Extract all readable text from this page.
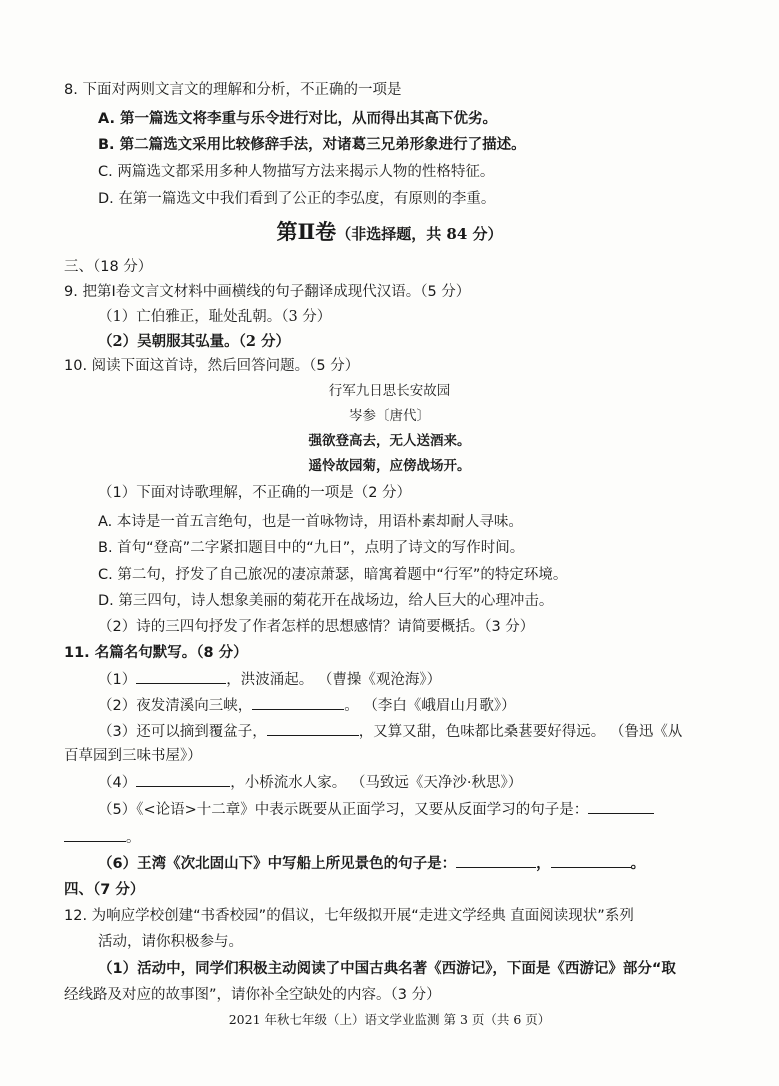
8. 下面对两则文言文的理解和分析，不正确的一项是
A. 第一篇选文将李重与乐令进行对比，从而得出其高下优劣。
B. 第二篇选文采用比较修辞手法，对诸葛三兄弟形象进行了描述。
C. 两篇选文都采用多种人物描写方法来揭示人物的性格特征。
D. 在第一篇选文中我们看到了公正的李弘度，有原则的李重。
第Ⅱ卷（非选择题，共 84 分）
三、（18 分）
9. 把第Ⅰ卷文言文材料中画横线的句子翻译成现代汉语。（5 分）
（1）亡伯雅正，耻处乱朝。（3 分）
（2）吴朝服其弘量。（2 分）
10. 阅读下面这首诗，然后回答问题。（5 分）
行军九日思长安故园
岑参〔唐代〕
强欲登高去，无人送酒来。
遥怜故园菊，应傍战场开。
（1）下面对诗歌理解，不正确的一项是（2 分）
A. 本诗是一首五言绝句，也是一首咏物诗，用语朴素却耐人寻味。
B. 首句“登高”二字紧扣题目中的“九日”，点明了诗文的写作时间。
C. 第二句，抒发了自己旅况的凄凉萧瑟，暗寓着题中“行军”的特定环境。
D. 第三四句，诗人想象美丽的菊花开在战场边，给人巨大的心理冲击。
（2）诗的三四句抒发了作者怎样的思想感情？请简要概括。（3 分）
11. 名篇名句默写。（8 分）
（1）	，洪波涌起。 （曹操《观沧海》）
（2）夜发清溪向三峡，	。 （李白《峨眉山月歌》）
（3）还可以摘到覆盆子，	，又算又甜，色味都比桑葚要好得远。 （鲁迅《从
百草园到三味书屋》）
（4）	，小桥流水人家。 （马致远《天净沙·秋思》）
（5）《<论语>十二章》中表示既要从正面学习，又要从反面学习的句子是：
。
（6）王湾《次北固山下》中写船上所见景色的句子是：	，	。
四、（7 分）
12. 为响应学校创建“书香校园”的倡议，七年级拟开展“走进文学经典 直面阅读现状”系列
活动，请你积极参与。
（1）活动中，同学们积极主动阅读了中国古典名著《西游记》，下面是《西游记》部分“取
经线路及对应的故事图”，请你补全空缺处的内容。（3 分）
2021 年秋七年级（上）语文学业监测 第 3 页（共 6 页）
